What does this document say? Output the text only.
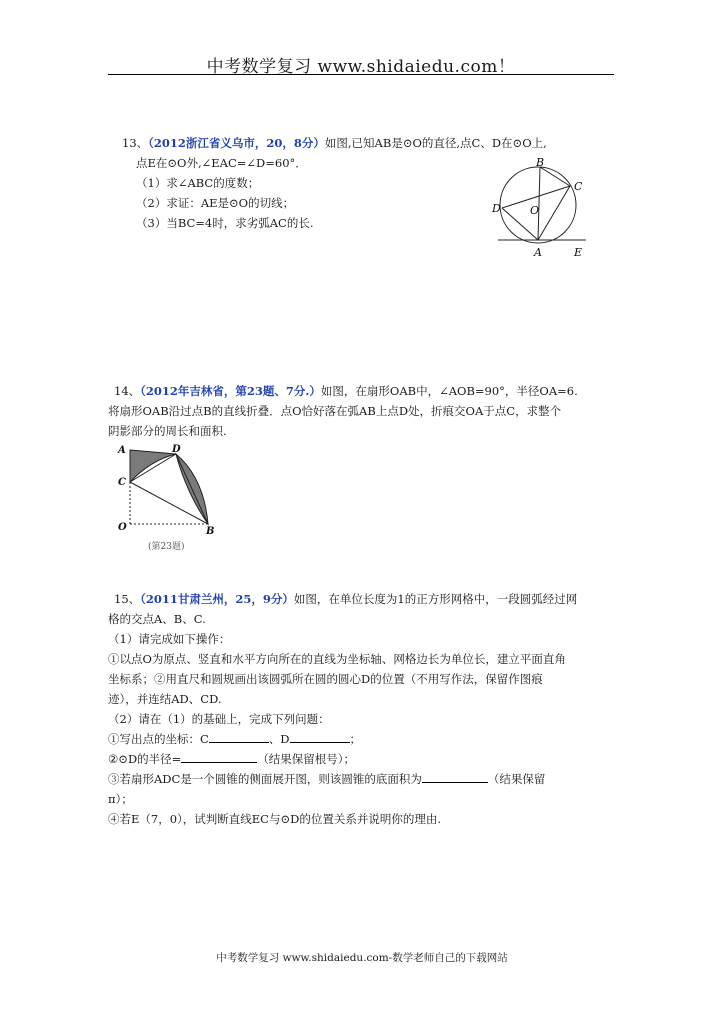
中考数学复习 www.shidaiedu.com！
13、（2012浙江省义乌市，20，8分）如图,已知AB是⊙O的直径,点C、D在⊙O上,
点E在⊙O外,∠EAC=∠D=60°．
（1）求∠ABC的度数；
（2）求证：AE是⊙O的切线；
（3）当BC=4时，求劣弧AC的长.
B
C
D	O
A	E
14、（2012年吉林省，第23题、7分.）如图，在扇形OAB中，∠AOB=90°，半径OA=6.
将扇形OAB沿过点B的直线折叠．点O恰好落在弧AB上点D处，折痕交OA于点C，求整个
阴影部分的周长和面积.
A	D
C
O	B
(第23题)
15、（2011甘肃兰州，25，9分）如图，在单位长度为1的正方形网格中，一段圆弧经过网
格的交点A、B、C.
（1）请完成如下操作：
①以点O为原点、竖直和水平方向所在的直线为坐标轴、网格边长为单位长，建立平面直角
坐标系；②用直尺和圆规画出该圆弧所在圆的圆心D的位置（不用写作法，保留作图痕
迹），并连结AD、CD.
（2）请在（1）的基础上，完成下列问题：
①写出点的坐标：C	、D	；
②⊙D的半径=	（结果保留根号）；
③若扇形ADC是一个圆锥的侧面展开图，则该圆锥的底面积为	（结果保留
π）；
④若E（7，0），试判断直线EC与⊙D的位置关系并说明你的理由.
中考数学复习 www.shidaiedu.com-数学老师自己的下载网站
